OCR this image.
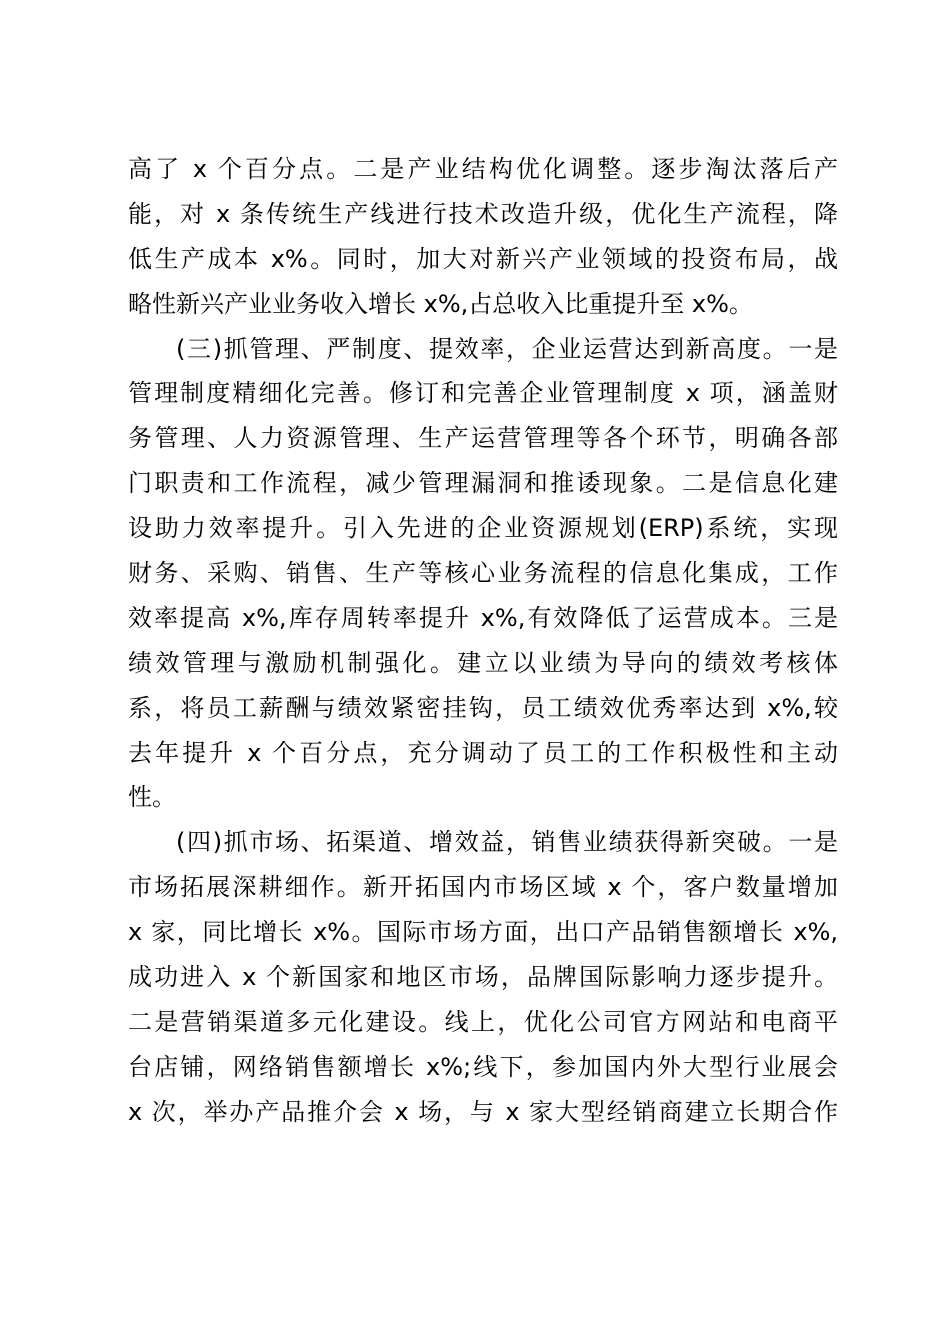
高了 x 个百分点。二是产业结构优化调整。逐步淘汰落后产
能，对 x 条传统生产线进行技术改造升级，优化生产流程，降
低生产成本 x%。同时，加大对新兴产业领域的投资布局，战
略性新兴产业业务收入增长 x%,占总收入比重提升至 x%。
(三)抓管理、严制度、提效率，企业运营达到新高度。一是
管理制度精细化完善。修订和完善企业管理制度 x 项，涵盖财
务管理、人力资源管理、生产运营管理等各个环节，明确各部
门职责和工作流程，减少管理漏洞和推诿现象。二是信息化建
设助力效率提升。引入先进的企业资源规划(ERP)系统，实现
财务、采购、销售、生产等核心业务流程的信息化集成，工作
效率提高 x%,库存周转率提升 x%,有效降低了运营成本。三是
绩效管理与激励机制强化。建立以业绩为导向的绩效考核体
系，将员工薪酬与绩效紧密挂钩，员工绩效优秀率达到 x%,较
去年提升 x 个百分点，充分调动了员工的工作积极性和主动
性。
(四)抓市场、拓渠道、增效益，销售业绩获得新突破。一是
市场拓展深耕细作。新开拓国内市场区域 x 个，客户数量增加
x 家，同比增长 x%。国际市场方面，出口产品销售额增长 x%,
成功进入 x 个新国家和地区市场，品牌国际影响力逐步提升。
二是营销渠道多元化建设。线上，优化公司官方网站和电商平
台店铺，网络销售额增长 x%;线下，参加国内外大型行业展会
x 次，举办产品推介会 x 场，与 x 家大型经销商建立长期合作
